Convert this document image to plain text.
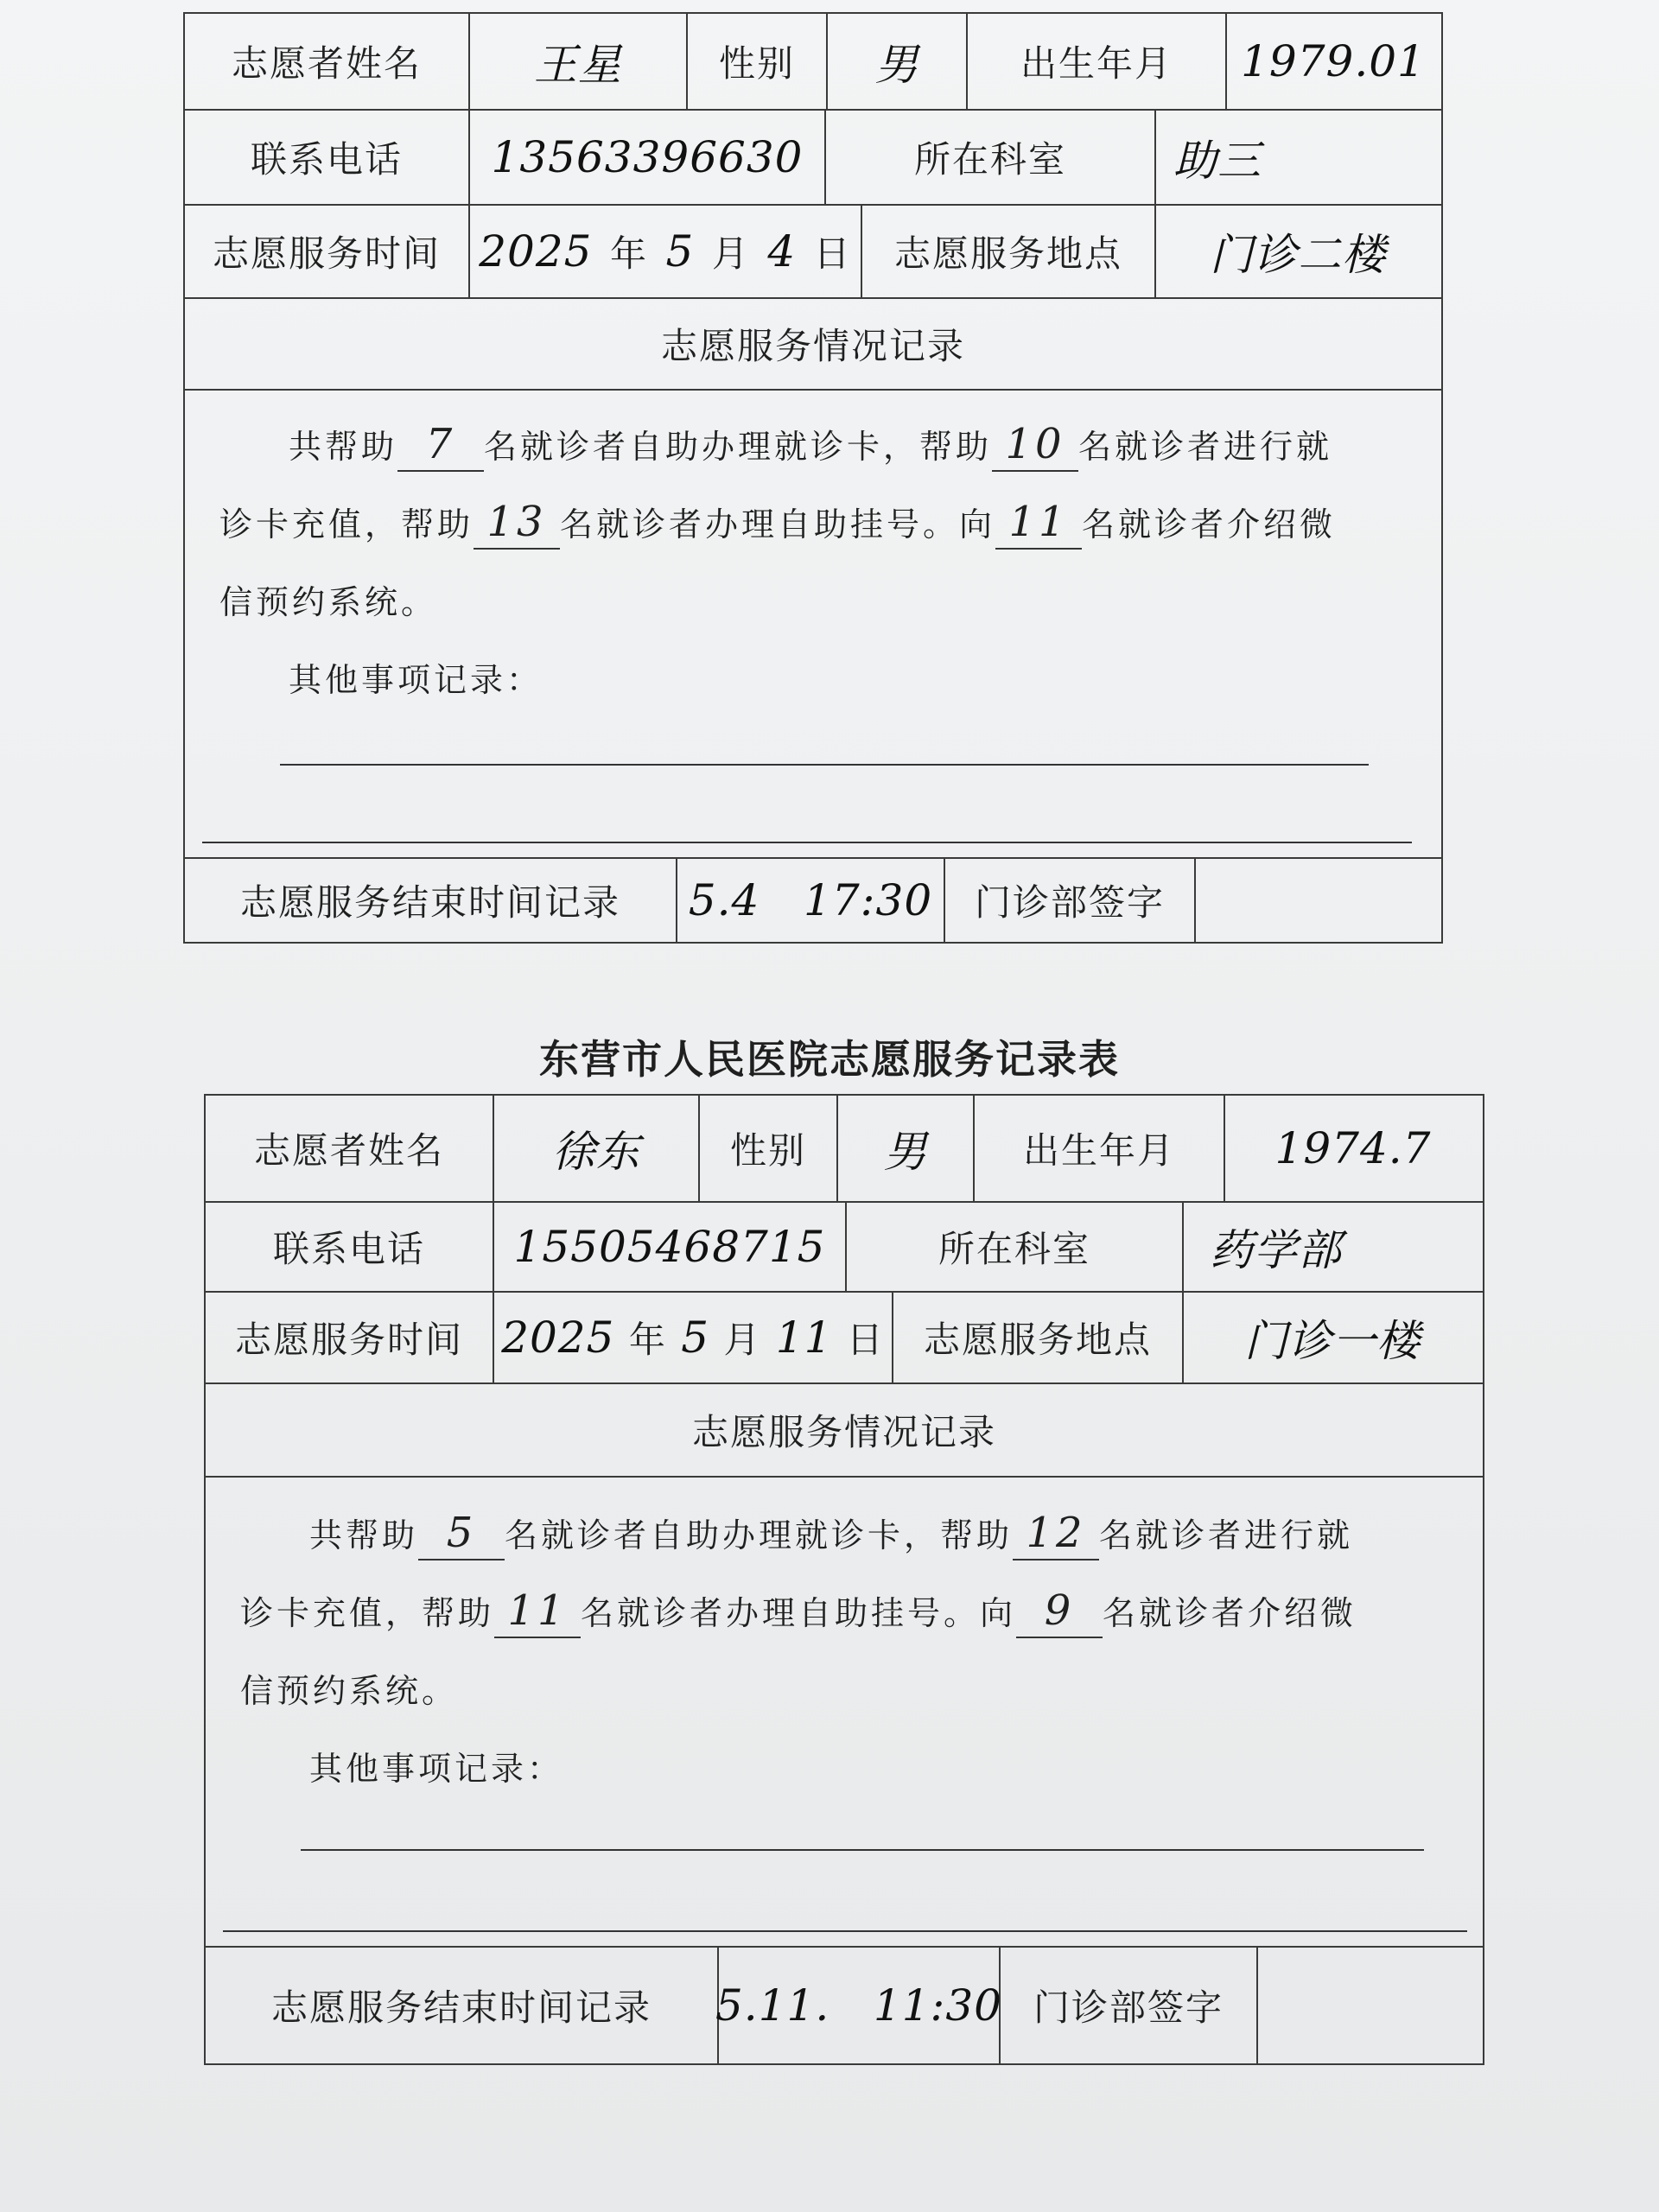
志愿者姓名	王星	性别	男	出生年月	1979.01
联系电话	13563396630	所在科室	助三
志愿服务时间 2025 年 5 月 4 日	志愿服务地点	门诊二楼
志愿服务情况记录
共帮助 7 名就诊者自助办理就诊卡，帮助 10 名就诊者进行就
诊卡充值，帮助 13 名就诊者办理自助挂号。向 11 名就诊者介绍微
信预约系统。
其他事项记录：
志愿服务结束时间记录	5.4   17:30	门诊部签字
东营市人民医院志愿服务记录表
志愿者姓名	徐东	性别	男	出生年月	1974.7
联系电话	15505468715	所在科室	药学部
志愿服务时间 2025 年 5 月 11 日	志愿服务地点	门诊一楼
志愿服务情况记录
共帮助 5 名就诊者自助办理就诊卡，帮助 12 名就诊者进行就
诊卡充值，帮助 11 名就诊者办理自助挂号。向 9 名就诊者介绍微
信预约系统。
其他事项记录：
志愿服务结束时间记录	5.11.   11:30 门诊部签字
